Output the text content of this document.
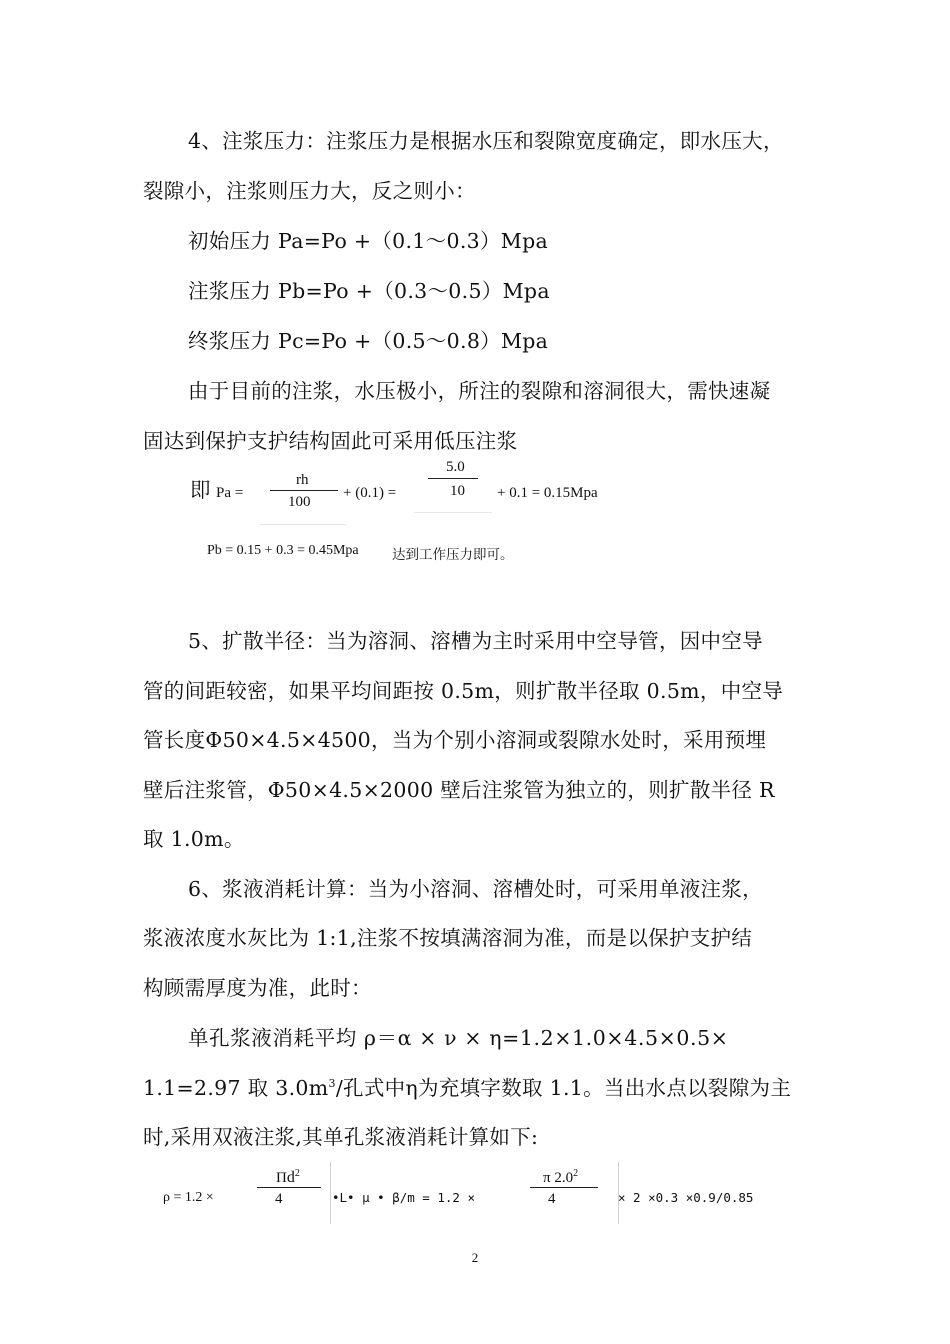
4、注浆压力：注浆压力是根据水压和裂隙宽度确定，即水压大，
裂隙小，注浆则压力大，反之则小：
初始压力 Pa=Po +（0.1～0.3）Mpa
注浆压力 Pb=Po +（0.3～0.5）Mpa
终浆压力 Pc=Po +（0.5～0.8）Mpa
由于目前的注浆，水压极小，所注的裂隙和溶洞很大，需快速凝
固达到保护支护结构固此可采用低压注浆
即 Pa =
rh
100
+ (0.1) =
5.0
10 + 0.1 = 0.15Mpa
Pb = 0.15 + 0.3 = 0.45Mpa 达到工作压力即可。
5、扩散半径：当为溶洞、溶槽为主时采用中空导管，因中空导
管的间距较密，如果平均间距按 0.5m，则扩散半径取 0.5m，中空导
管长度Φ50×4.5×4500，当为个别小溶洞或裂隙水处时，采用预埋
壁后注浆管，Φ50×4.5×2000 壁后注浆管为独立的，则扩散半径 R
取 1.0m。
6、浆液消耗计算：当为小溶洞、溶槽处时，可采用单液注浆，
浆液浓度水灰比为 1:1,注浆不按填满溶洞为准，而是以保护支护结
构顾需厚度为准，此时：
单孔浆液消耗平均 ρ＝α × ν × η=1.2×1.0×4.5×0.5×
1.1=2.97 取 $3.0m^3/$孔式中η为充填字数取 1.1。当出水点以裂隙为主
时,采用双液注浆,其单孔浆液消耗计算如下:
ρ = 1.2 ×
$\Pi d^2$
4	•L• μ • β/m = 1.2 ×
π $2.0^2$
4	× 2 ×0.3 ×0.9/0.85
2
